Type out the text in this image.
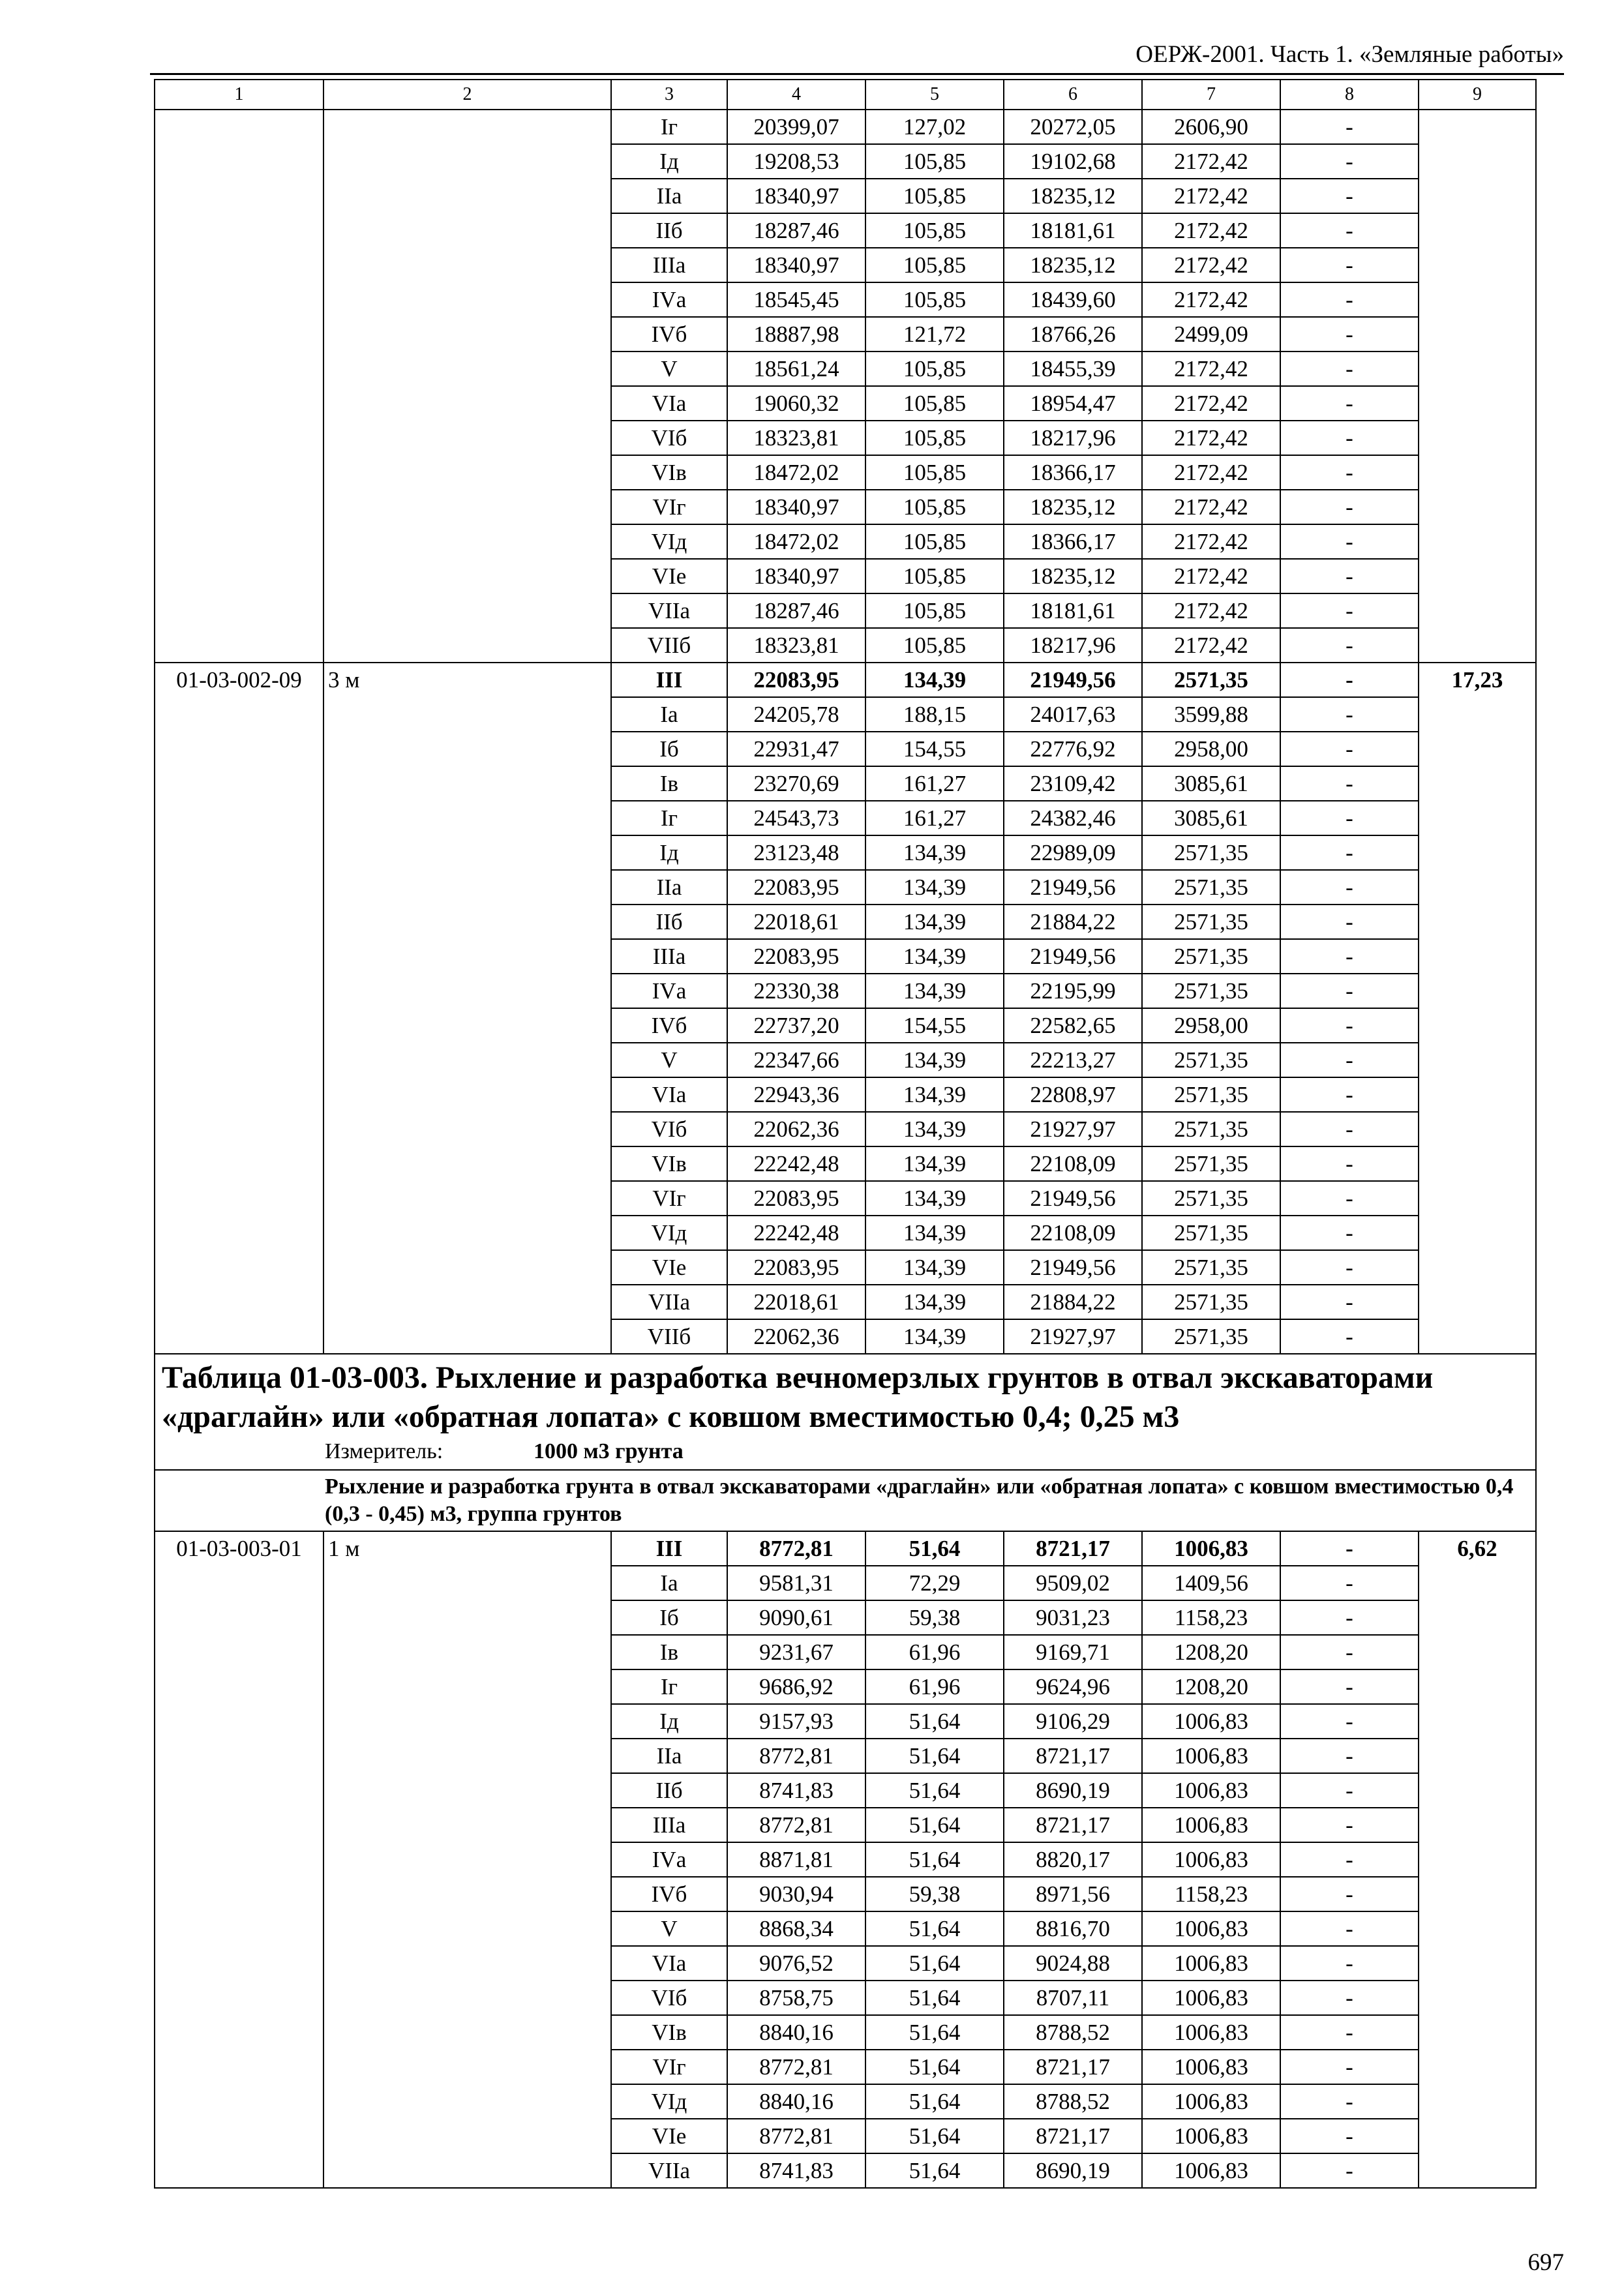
ОЕРЖ-2001. Часть 1. «Земляные работы»
1	2	3	4	5	6	7	8	9
		Iг	20399,07	127,02	20272,05	2606,90	-	
		Iд	19208,53	105,85	19102,68	2172,42	-	
		IIа	18340,97	105,85	18235,12	2172,42	-	
		IIб	18287,46	105,85	18181,61	2172,42	-	
		IIIа	18340,97	105,85	18235,12	2172,42	-	
		IVа	18545,45	105,85	18439,60	2172,42	-	
		IVб	18887,98	121,72	18766,26	2499,09	-	
		V	18561,24	105,85	18455,39	2172,42	-	
		VIа	19060,32	105,85	18954,47	2172,42	-	
		VIб	18323,81	105,85	18217,96	2172,42	-	
		VIв	18472,02	105,85	18366,17	2172,42	-	
		VIг	18340,97	105,85	18235,12	2172,42	-	
		VIд	18472,02	105,85	18366,17	2172,42	-	
		VIе	18340,97	105,85	18235,12	2172,42	-	
		VIIа	18287,46	105,85	18181,61	2172,42	-	
		VIIб	18323,81	105,85	18217,96	2172,42	-	
01-03-002-09	3 м	III	22083,95	134,39	21949,56	2571,35	-	17,23
		Iа	24205,78	188,15	24017,63	3599,88	-	
		Iб	22931,47	154,55	22776,92	2958,00	-	
		Iв	23270,69	161,27	23109,42	3085,61	-	
		Iг	24543,73	161,27	24382,46	3085,61	-	
		Iд	23123,48	134,39	22989,09	2571,35	-	
		IIа	22083,95	134,39	21949,56	2571,35	-	
		IIб	22018,61	134,39	21884,22	2571,35	-	
		IIIа	22083,95	134,39	21949,56	2571,35	-	
		IVа	22330,38	134,39	22195,99	2571,35	-	
		IVб	22737,20	154,55	22582,65	2958,00	-	
		V	22347,66	134,39	22213,27	2571,35	-	
		VIа	22943,36	134,39	22808,97	2571,35	-	
		VIб	22062,36	134,39	21927,97	2571,35	-	
		VIв	22242,48	134,39	22108,09	2571,35	-	
		VIг	22083,95	134,39	21949,56	2571,35	-	
		VIд	22242,48	134,39	22108,09	2571,35	-	
		VIе	22083,95	134,39	21949,56	2571,35	-	
		VIIа	22018,61	134,39	21884,22	2571,35	-	
		VIIб	22062,36	134,39	21927,97	2571,35	-	

Таблица 01-03-003. Рыхление и разработка вечномерзлых грунтов в отвал экскаваторами «драглайн» или «обратная лопата» с ковшом вместимостью 0,4; 0,25 м3
Измеритель: 1000 м3 грунта								

Рыхление и разработка грунта в отвал экскаваторами «драглайн» или «обратная лопата» с ковшом вместимостью 0,4 (0,3 - 0,45) м3, группа грунтов								
01-03-003-01	1 м	III	8772,81	51,64	8721,17	1006,83	-	6,62
		Iа	9581,31	72,29	9509,02	1409,56	-	
		Iб	9090,61	59,38	9031,23	1158,23	-	
		Iв	9231,67	61,96	9169,71	1208,20	-	
		Iг	9686,92	61,96	9624,96	1208,20	-	
		Iд	9157,93	51,64	9106,29	1006,83	-	
		IIа	8772,81	51,64	8721,17	1006,83	-	
		IIб	8741,83	51,64	8690,19	1006,83	-	
		IIIа	8772,81	51,64	8721,17	1006,83	-	
		IVа	8871,81	51,64	8820,17	1006,83	-	
		IVб	9030,94	59,38	8971,56	1158,23	-	
		V	8868,34	51,64	8816,70	1006,83	-	
		VIа	9076,52	51,64	9024,88	1006,83	-	
		VIб	8758,75	51,64	8707,11	1006,83	-	
		VIв	8840,16	51,64	8788,52	1006,83	-	
		VIг	8772,81	51,64	8721,17	1006,83	-	
		VIд	8840,16	51,64	8788,52	1006,83	-	
		VIе	8772,81	51,64	8721,17	1006,83	-	
		VIIа	8741,83	51,64	8690,19	1006,83	-	
697
